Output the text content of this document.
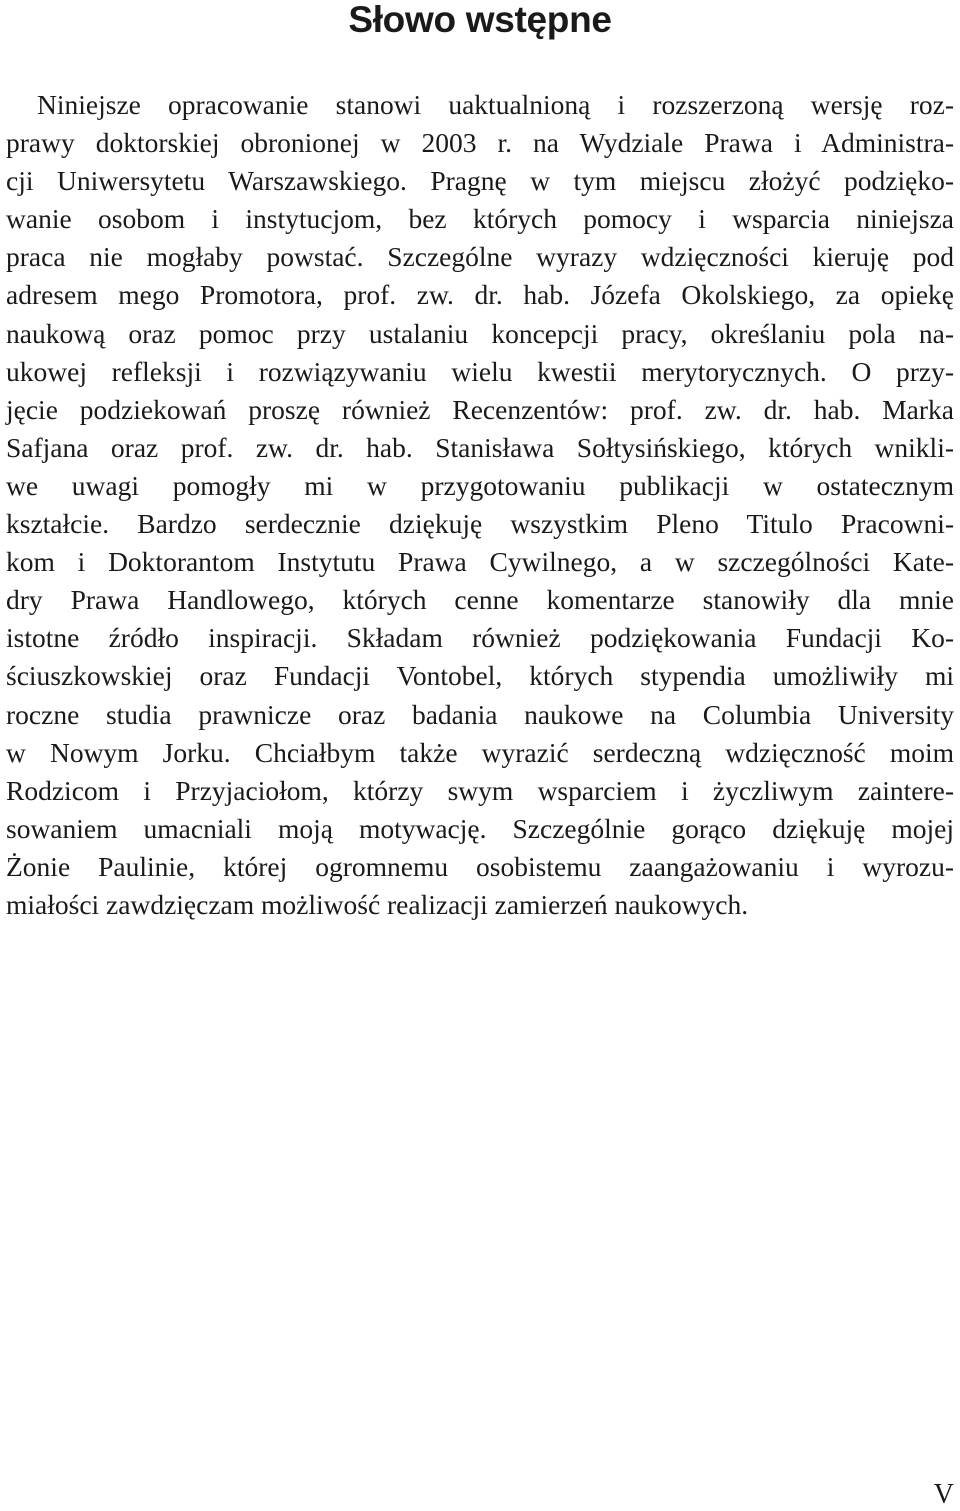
Słowo wstępne
Niniejsze opracowanie stanowi uaktualnioną i rozszerzoną wersję roz-
prawy doktorskiej obronionej w 2003 r. na Wydziale Prawa i Administra-
cji Uniwersytetu Warszawskiego. Pragnę w tym miejscu złożyć podzięko-
wanie osobom i instytucjom, bez których pomocy i wsparcia niniejsza
praca nie mogłaby powstać. Szczególne wyrazy wdzięczności kieruję pod
adresem mego Promotora, prof. zw. dr. hab. Józefa Okolskiego, za opiekę
naukową oraz pomoc przy ustalaniu koncepcji pracy, określaniu pola na-
ukowej refleksji i rozwiązywaniu wielu kwestii merytorycznych. O przy-
jęcie podziekowań proszę również Recenzentów: prof. zw. dr. hab. Marka
Safjana oraz prof. zw. dr. hab. Stanisława Sołtysińskiego, których wnikli-
we uwagi pomogły mi w przygotowaniu publikacji w ostatecznym
kształcie. Bardzo serdecznie dziękuję wszystkim Pleno Titulo Pracowni-
kom i Doktorantom Instytutu Prawa Cywilnego, a w szczególności Kate-
dry Prawa Handlowego, których cenne komentarze stanowiły dla mnie
istotne źródło inspiracji. Składam również podziękowania Fundacji Ko-
ściuszkowskiej oraz Fundacji Vontobel, których stypendia umożliwiły mi
roczne studia prawnicze oraz badania naukowe na Columbia University
w Nowym Jorku. Chciałbym także wyrazić serdeczną wdzięczność moim
Rodzicom i Przyjaciołom, którzy swym wsparciem i życzliwym zaintere-
sowaniem umacniali moją motywację. Szczególnie gorąco dziękuję mojej
Żonie Paulinie, której ogromnemu osobistemu zaangażowaniu i wyrozu-
miałości zawdzięczam możliwość realizacji zamierzeń naukowych.
V
